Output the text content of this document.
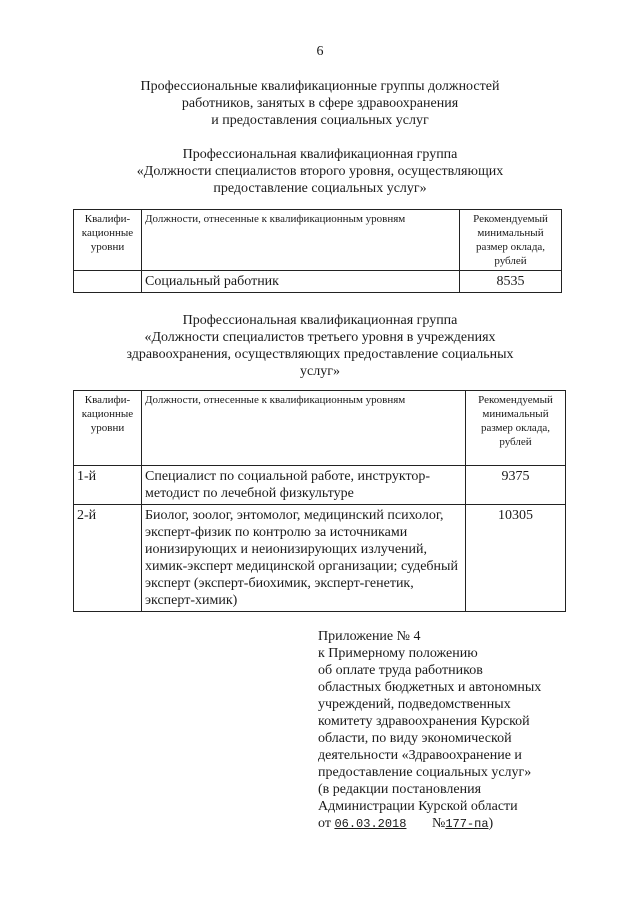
6
Профессиональные квалификационные группы должностей
работников, занятых в сфере здравоохранения
и предоставления социальных услуг
Профессиональная квалификационная группа
«Должности специалистов второго уровня, осуществляющих
предоставление социальных услуг»
Квалифи-кационные уровни	Должности, отнесенные к квалификационным уровням	Рекомендуемый минимальный размер оклада, рублей
	Социальный работник	8535
Профессиональная квалификационная группа
«Должности специалистов третьего уровня в учреждениях
здравоохранения, осуществляющих предоставление социальных
услуг»
Квалифи-кационные уровни	Должности, отнесенные к квалификационным уровням	Рекомендуемый минимальный размер оклада, рублей
1-й	Специалист по социальной работе, инструктор-методист по лечебной физкультуре	9375
2-й	Биолог, зоолог, энтомолог, медицинский психолог, эксперт-физик по контролю за источниками ионизирующих и неионизирующих излучений, химик-эксперт медицинской организации; судебный эксперт (эксперт-биохимик, эксперт-генетик, эксперт-химик)	10305
Приложение № 4
к Примерному положению
об оплате труда работников
областных бюджетных и автономных
учреждений, подведомственных
комитету здравоохранения Курской
области, по виду экономической
деятельности «Здравоохранение и
предоставление социальных услуг»
(в редакции постановления
Администрации Курской области
от 06.03.2018 №177-па)
